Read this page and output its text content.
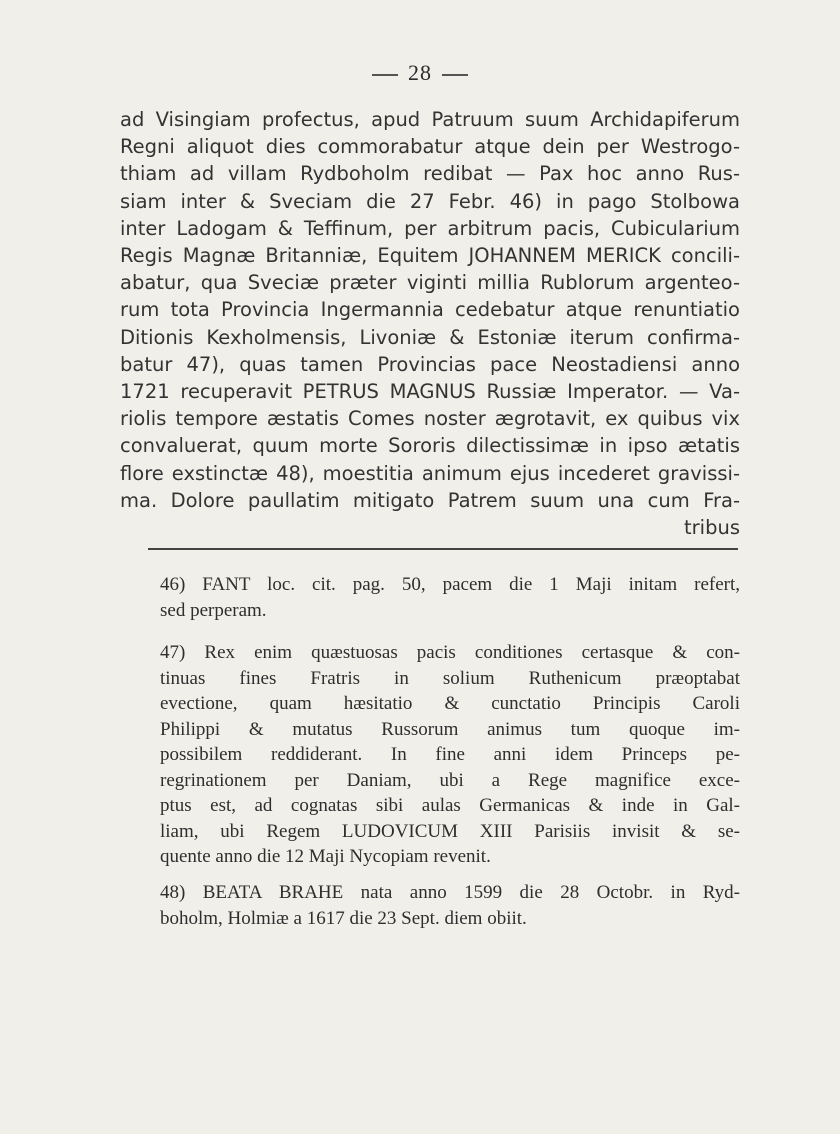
28
ad Visingiam profectus, apud Patruum suum Archidapiferum
Regni aliquot dies commorabatur atque dein per Westrogo-
thiam ad villam Rydboholm redibat — Pax hoc anno Rus-
siam inter & Sveciam die 27 Febr. 46) in pago Stolbowa
inter Ladogam & Teffinum, per arbitrum pacis, Cubicularium
Regis Magnæ Britanniæ, Equitem JOHANNEM MERICK concili-
abatur, qua Sveciæ præter viginti millia Rublorum argenteo-
rum tota Provincia Ingermannia cedebatur atque renuntiatio
Ditionis Kexholmensis, Livoniæ & Estoniæ iterum confirma-
batur 47), quas tamen Provincias pace Neostadiensi anno
1721 recuperavit PETRUS MAGNUS Russiæ Imperator. — Va-
riolis tempore æstatis Comes noster ægrotavit, ex quibus vix
convaluerat, quum morte Sororis dilectissimæ in ipso ætatis
flore exstinctæ 48), moestitia animum ejus incederet gravissi-
ma. Dolore paullatim mitigato Patrem suum una cum Fra-
tribus
46) FANT loc. cit. pag. 50, pacem die 1 Maji initam refert,
sed perperam.
47) Rex enim quæstuosas pacis conditiones certasque & con-
tinuas fines Fratris in solium Ruthenicum præoptabat
evectione, quam hæsitatio & cunctatio Principis Caroli
Philippi & mutatus Russorum animus tum quoque im-
possibilem reddiderant. In fine anni idem Princeps pe-
regrinationem per Daniam, ubi a Rege magnifice exce-
ptus est, ad cognatas sibi aulas Germanicas & inde in Gal-
liam, ubi Regem LUDOVICUM XIII Parisiis invisit & se-
quente anno die 12 Maji Nycopiam revenit.
48) BEATA BRAHE nata anno 1599 die 28 Octobr. in Ryd-
boholm, Holmiæ a 1617 die 23 Sept. diem obiit.
